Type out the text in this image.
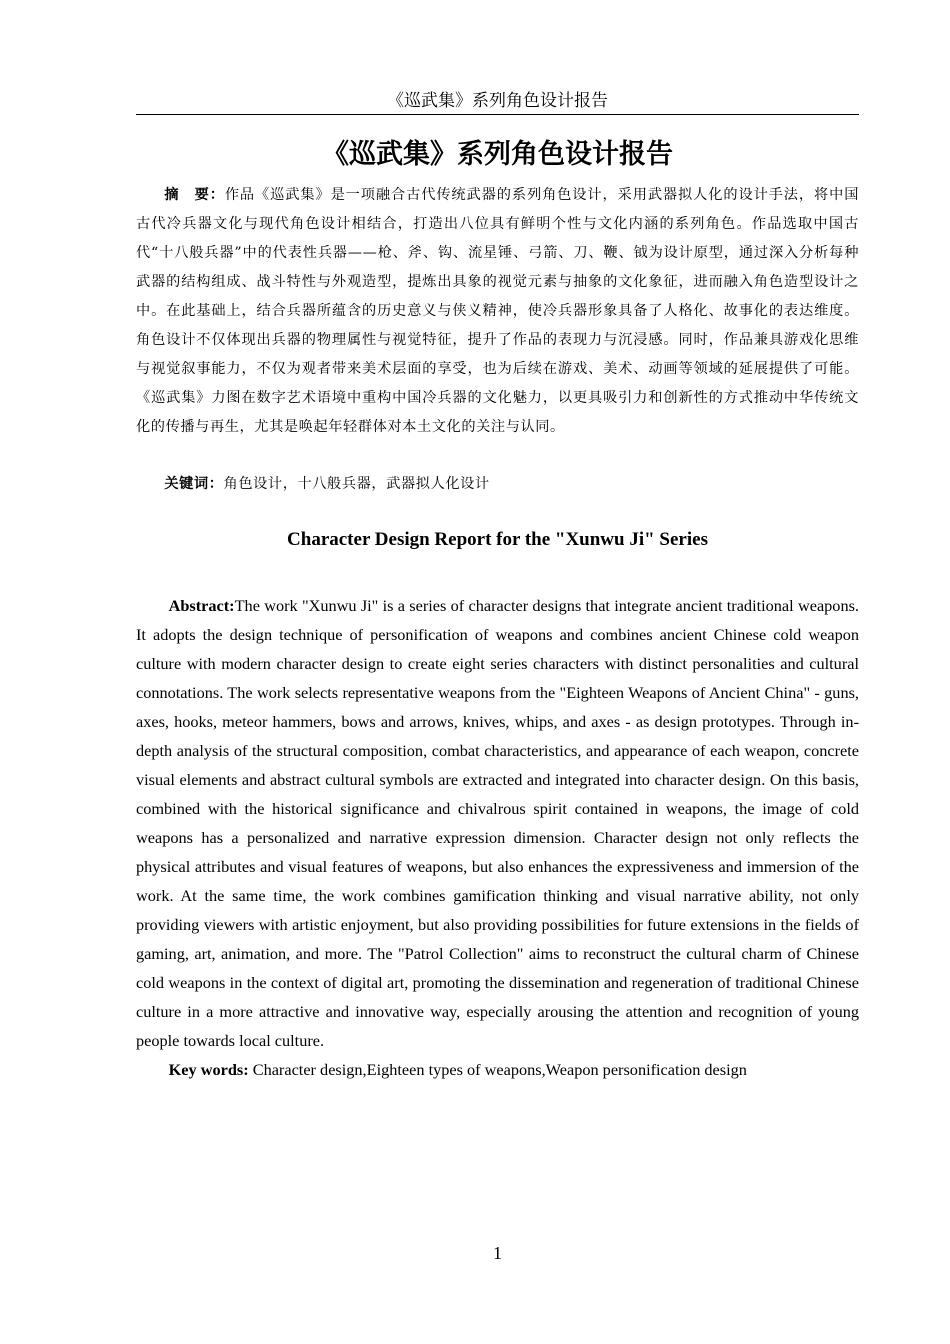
《巡武集》系列角色设计报告
《巡武集》系列角色设计报告

摘　要：作品《巡武集》是一项融合古代传统武器的系列角色设计，采用武器拟人化的设计手法，将中国古代冷兵器文化与现代角色设计相结合，打造出八位具有鲜明个性与文化内涵的系列角色。作品选取中国古代“十八般兵器”中的代表性兵器——枪、斧、钩、流星锤、弓箭、刀、鞭、钺为设计原型，通过深入分析每种武器的结构组成、战斗特性与外观造型，提炼出具象的视觉元素与抽象的文化象征，进而融入角色造型设计之中。在此基础上，结合兵器所蕴含的历史意义与侠义精神，使冷兵器形象具备了人格化、故事化的表达维度。角色设计不仅体现出兵器的物理属性与视觉特征，提升了作品的表现力与沉浸感。同时，作品兼具游戏化思维与视觉叙事能力，不仅为观者带来美术层面的享受，也为后续在游戏、美术、动画等领域的延展提供了可能。《巡武集》力图在数字艺术语境中重构中国冷兵器的文化魅力，以更具吸引力和创新性的方式推动中华传统文化的传播与再生，尤其是唤起年轻群体对本土文化的关注与认同。

关键词：角色设计，十八般兵器，武器拟人化设计

Character Design Report for the "Xunwu Ji" Series

Abstract:The work "Xunwu Ji" is a series of character designs that integrate ancient traditional weapons. It adopts the design technique of personification of weapons and combines ancient Chinese cold weapon culture with modern character design to create eight series characters with distinct personalities and cultural connotations. The work selects representative weapons from the "Eighteen Weapons of Ancient China" - guns, axes, hooks, meteor hammers, bows and arrows, knives, whips, and axes - as design prototypes. Through in-depth analysis of the structural composition, combat characteristics, and appearance of each weapon, concrete visual elements and abstract cultural symbols are extracted and integrated into character design. On this basis, combined with the historical significance and chivalrous spirit contained in weapons, the image of cold weapons has a personalized and narrative expression dimension. Character design not only reflects the physical attributes and visual features of weapons, but also enhances the expressiveness and immersion of the work. At the same time, the work combines gamification thinking and visual narrative ability, not only providing viewers with artistic enjoyment, but also providing possibilities for future extensions in the fields of gaming, art, animation, and more. The "Patrol Collection" aims to reconstruct the cultural charm of Chinese cold weapons in the context of digital art, promoting the dissemination and regeneration of traditional Chinese culture in a more attractive and innovative way, especially arousing the attention and recognition of young people towards local culture.

Key words: Character design,Eighteen types of weapons,Weapon personification design

1
